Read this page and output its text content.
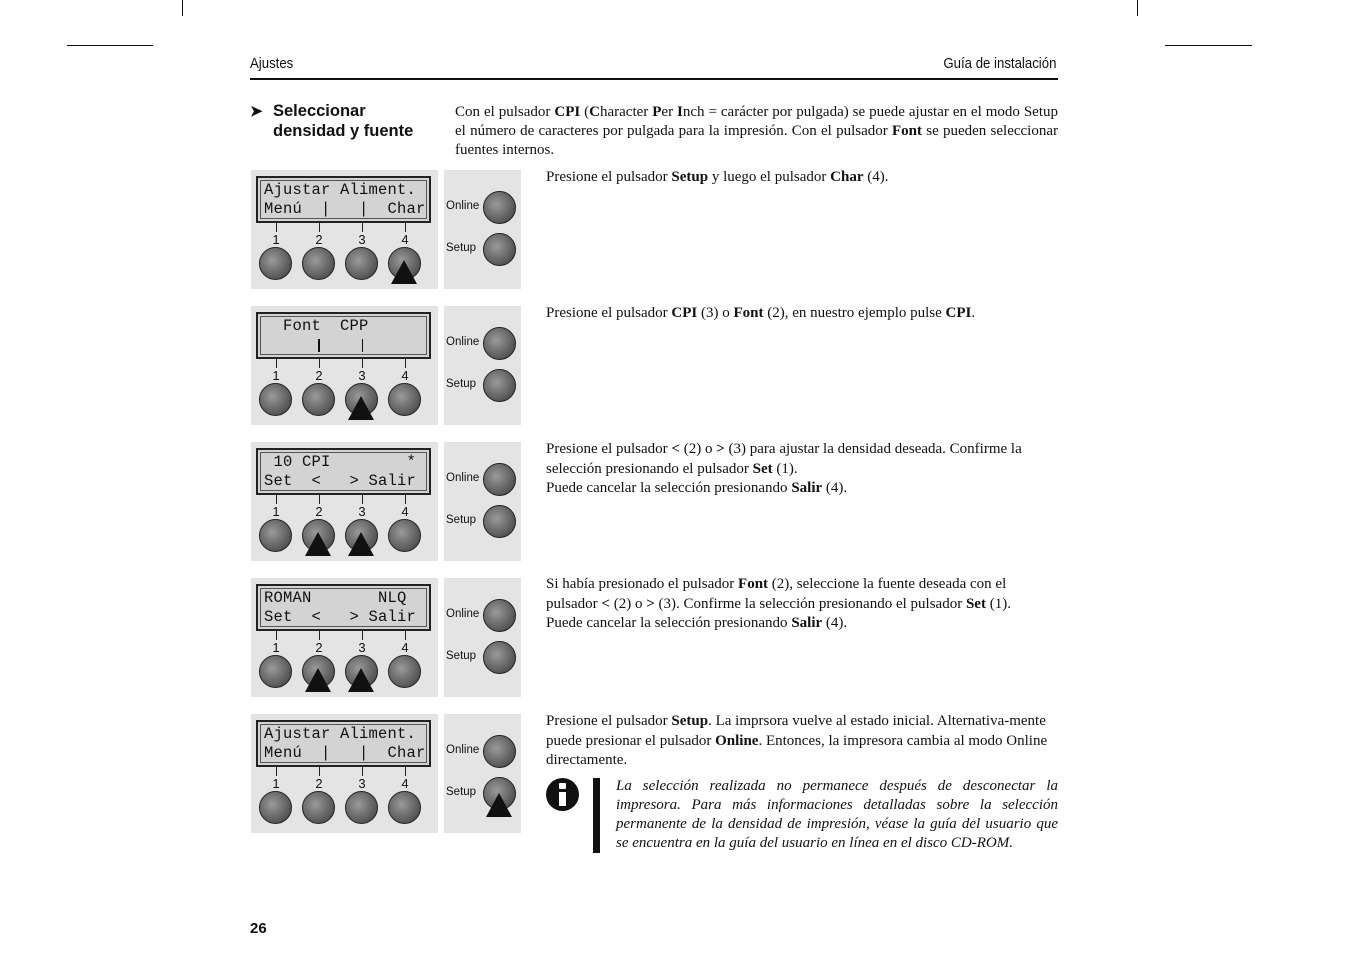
Ajustes	Guía de instalación
➤ Seleccionar
densidad y fuente
Con el pulsador CPI (Character Per Inch = carácter por pulgada) se puede ajustar en el modo Setup el número de caracteres por pulgada para la impresión. Con el pulsador Font se pueden seleccionar fuentes internos.
Ajustar Aliment.
Menú  |   |  Char
1	2	3	4
Online
Setup
Presione el pulsador Setup y luego el pulsador Char (4).
Font  CPP
1	2	3	4
Online
Setup
Presione el pulsador CPI (3) o Font (2), en nuestro ejemplo pulse CPI.
10 CPI        *
Set  <   > Salir
1	2	3	4
Online
Setup
Presione el pulsador < (2) o > (3) para ajustar la densidad deseada. Confirme la selección presionando el pulsador Set (1).
Puede cancelar la selección presionando Salir (4).
ROMAN       NLQ
Set  <   > Salir
1	2	3	4
Online
Setup
Si había presionado el pulsador Font (2), seleccione la fuente deseada con el pulsador < (2) o > (3). Confirme la selección presionando el pulsador Set (1).
Puede cancelar la selección presionando Salir (4).
Ajustar Aliment.
Menú  |   |  Char
1	2	3	4
Online
Setup
Presione el pulsador Setup. La imprsora vuelve al estado inicial. Alternativa-mente puede presionar el pulsador Online. Entonces, la impresora cambia al modo Online directamente.
La selección realizada no permanece después de desconectar la impresora. Para más informaciones detalladas sobre la selección permanente de la densidad de impresión, véase la guía del usuario que se encuentra en la guía del usuario en línea en el disco CD-ROM.
26
